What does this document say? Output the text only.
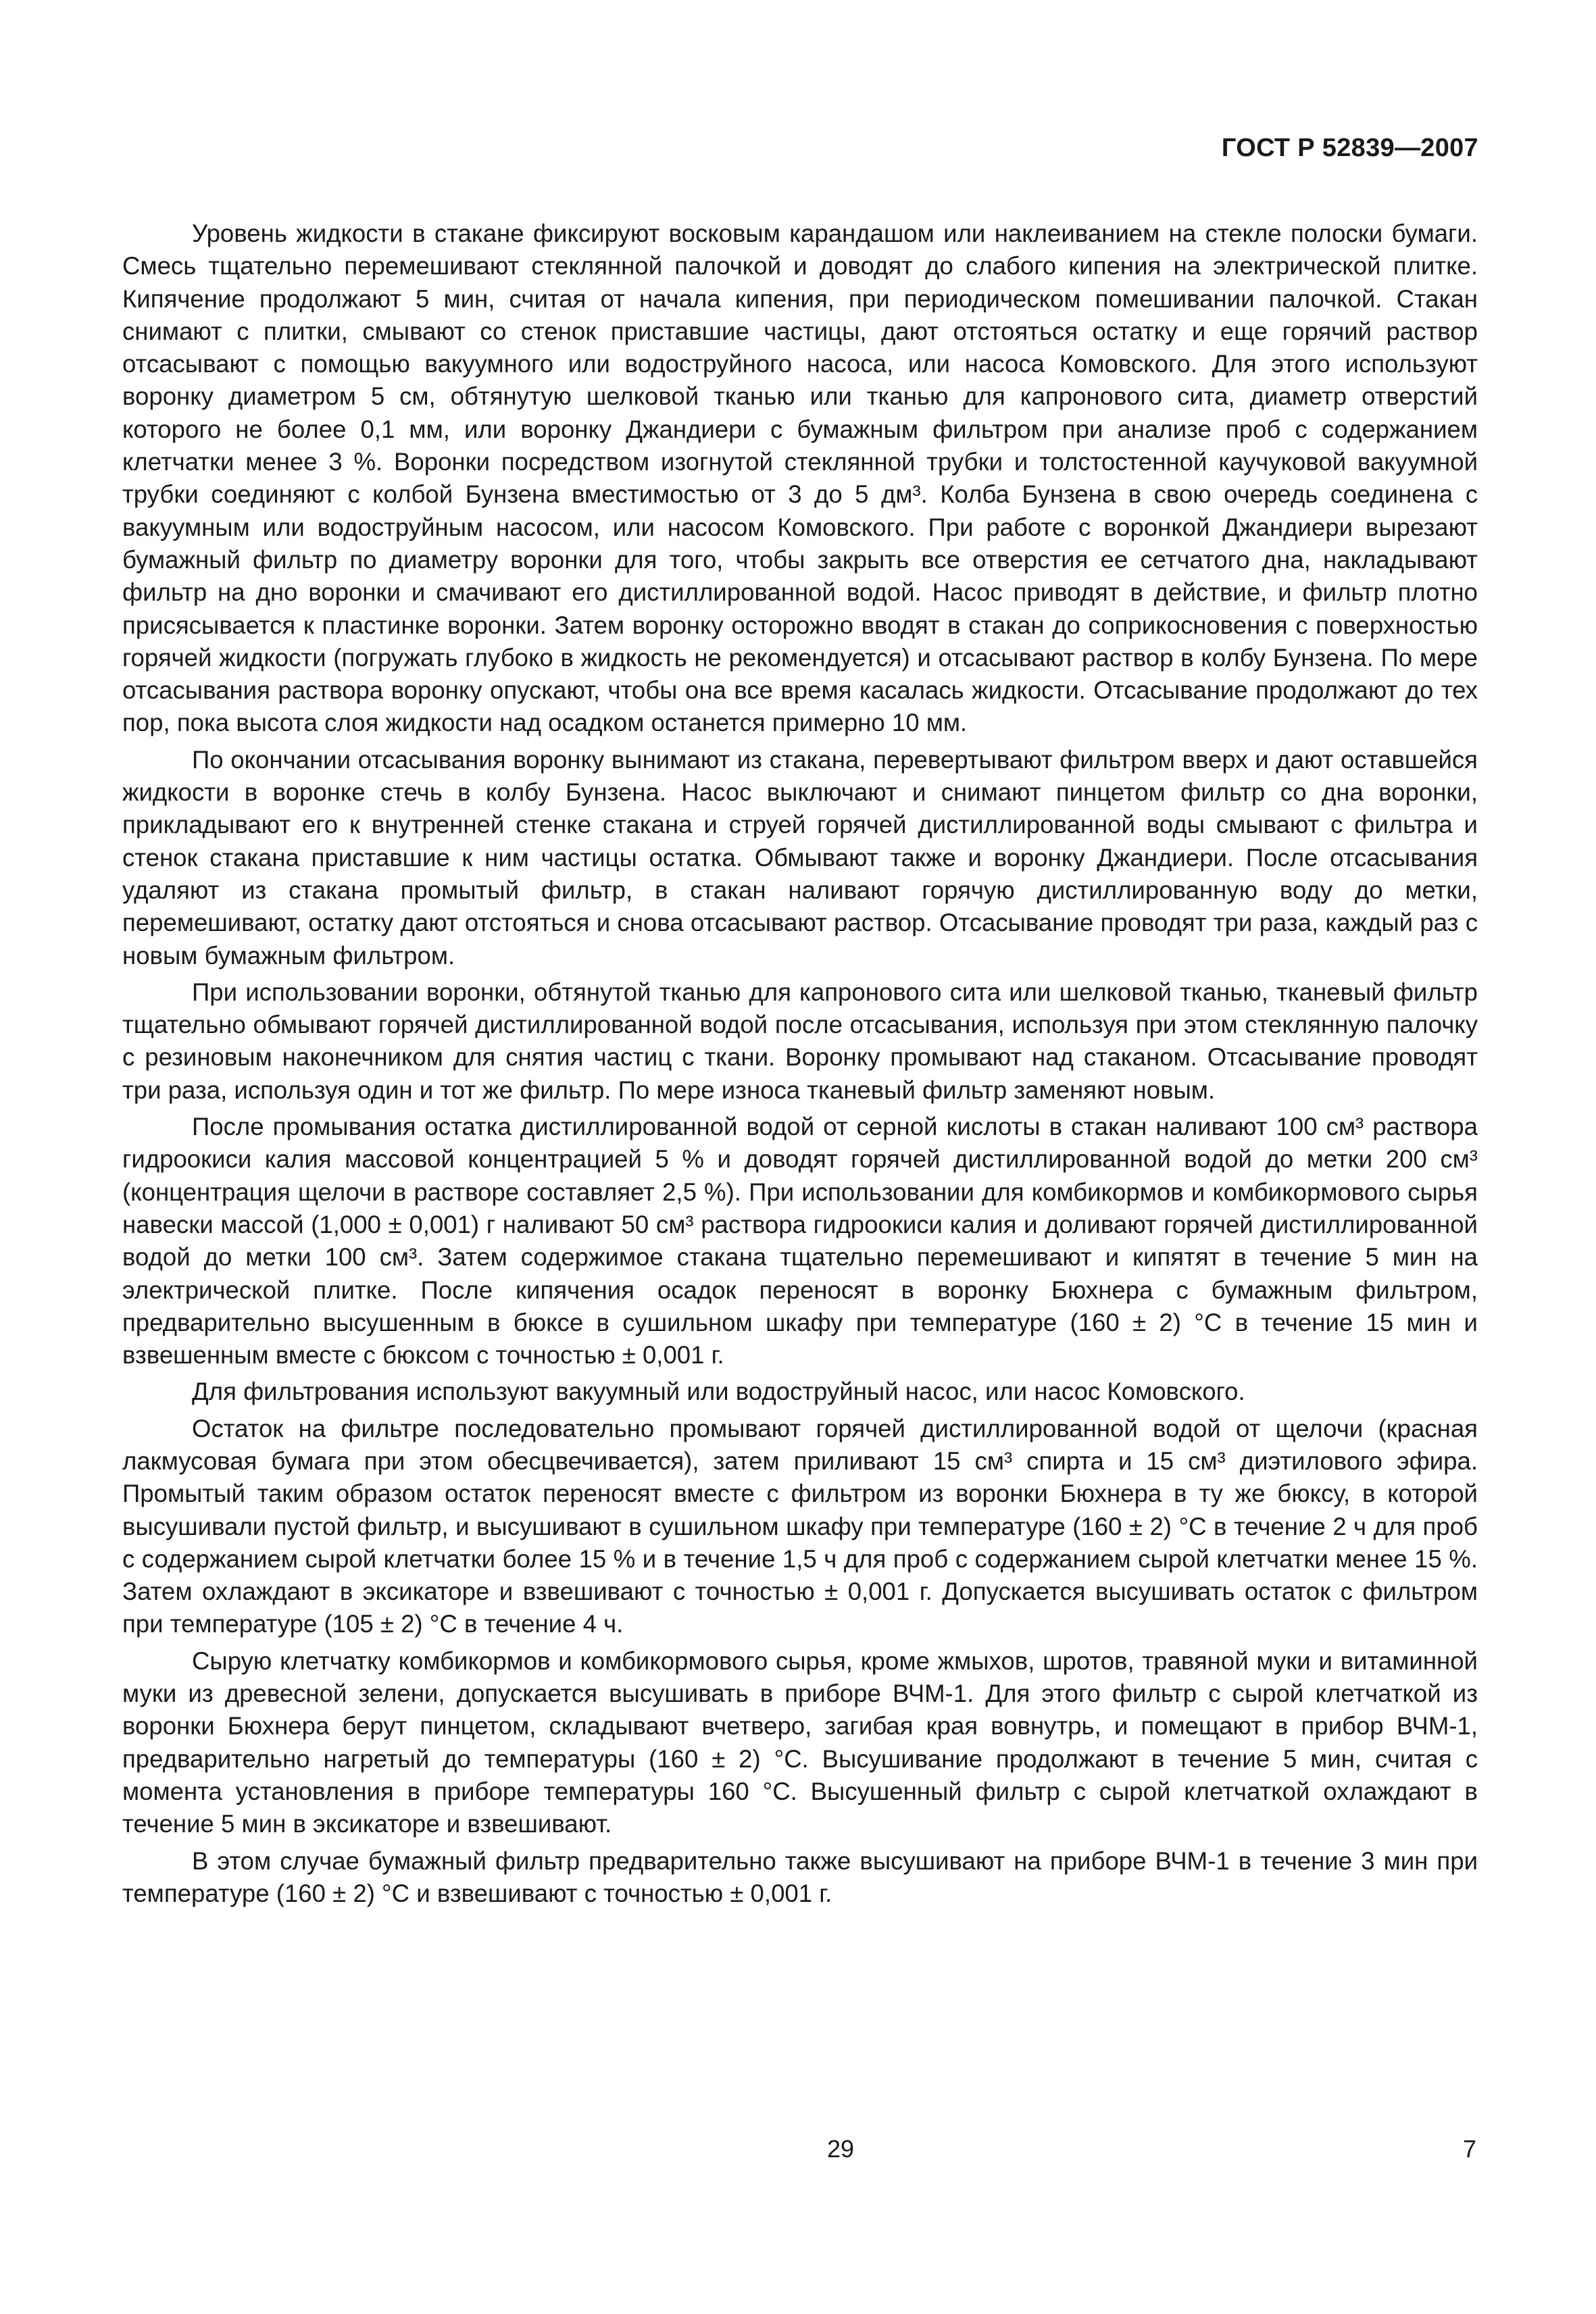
ГОСТ Р 52839—2007

Уровень жидкости в стакане фиксируют восковым карандашом или наклеиванием на стекле полоски бумаги. Смесь тщательно перемешивают стеклянной палочкой и доводят до слабого кипения на электрической плитке. Кипячение продолжают 5 мин, считая от начала кипения, при периодическом помешивании палочкой. Стакан снимают с плитки, смывают со стенок приставшие частицы, дают отстояться остатку и еще горячий раствор отсасывают с помощью вакуумного или водоструйного насоса, или насоса Комовского. Для этого используют воронку диаметром 5 см, обтянутую шелковой тканью или тканью для капронового сита, диаметр отверстий которого не более 0,1 мм, или воронку Джандиери с бумажным фильтром при анализе проб с содержанием клетчатки менее 3 %. Воронки посредством изогнутой стеклянной трубки и толстостенной каучуковой вакуумной трубки соединяют с колбой Бунзена вместимостью от 3 до 5 дм³. Колба Бунзена в свою очередь соединена с вакуумным или водоструйным насосом, или насосом Комовского. При работе с воронкой Джандиери вырезают бумажный фильтр по диаметру воронки для того, чтобы закрыть все отверстия ее сетчатого дна, накладывают фильтр на дно воронки и смачивают его дистиллированной водой. Насос приводят в действие, и фильтр плотно присясывается к пластинке воронки. Затем воронку осторожно вводят в стакан до соприкосновения с поверхностью горячей жидкости (погружать глубоко в жидкость не рекомендуется) и отсасывают раствор в колбу Бунзена. По мере отсасывания раствора воронку опускают, чтобы она все время касалась жидкости. Отсасывание продолжают до тех пор, пока высота слоя жидкости над осадком останется примерно 10 мм.

По окончании отсасывания воронку вынимают из стакана, перевертывают фильтром вверх и дают оставшейся жидкости в воронке стечь в колбу Бунзена. Насос выключают и снимают пинцетом фильтр со дна воронки, прикладывают его к внутренней стенке стакана и струей горячей дистиллированной воды смывают с фильтра и стенок стакана приставшие к ним частицы остатка. Обмывают также и воронку Джандиери. После отсасывания удаляют из стакана промытый фильтр, в стакан наливают горячую дистиллированную воду до метки, перемешивают, остатку дают отстояться и снова отсасывают раствор. Отсасывание проводят три раза, каждый раз с новым бумажным фильтром.

При использовании воронки, обтянутой тканью для капронового сита или шелковой тканью, тканевый фильтр тщательно обмывают горячей дистиллированной водой после отсасывания, используя при этом стеклянную палочку с резиновым наконечником для снятия частиц с ткани. Воронку промывают над стаканом. Отсасывание проводят три раза, используя один и тот же фильтр. По мере износа тканевый фильтр заменяют новым.

После промывания остатка дистиллированной водой от серной кислоты в стакан наливают 100 см³ раствора гидроокиси калия массовой концентрацией 5 % и доводят горячей дистиллированной водой до метки 200 см³ (концентрация щелочи в растворе составляет 2,5 %). При использовании для комбикормов и комбикормового сырья навески массой (1,000 ± 0,001) г наливают 50 см³ раствора гидроокиси калия и доливают горячей дистиллированной водой до метки 100 см³. Затем содержимое стакана тщательно перемешивают и кипятят в течение 5 мин на электрической плитке. После кипячения осадок переносят в воронку Бюхнера с бумажным фильтром, предварительно высушенным в бюксе в сушильном шкафу при температуре (160 ± 2) °С в течение 15 мин и взвешенным вместе с бюксом с точностью ± 0,001 г.

Для фильтрования используют вакуумный или водоструйный насос, или насос Комовского.

Остаток на фильтре последовательно промывают горячей дистиллированной водой от щелочи (красная лакмусовая бумага при этом обесцвечивается), затем приливают 15 см³ спирта и 15 см³ диэтилового эфира. Промытый таким образом остаток переносят вместе с фильтром из воронки Бюхнера в ту же бюксу, в которой высушивали пустой фильтр, и высушивают в сушильном шкафу при температуре (160 ± 2) °С в течение 2 ч для проб с содержанием сырой клетчатки более 15 % и в течение 1,5 ч для проб с содержанием сырой клетчатки менее 15 %. Затем охлаждают в эксикаторе и взвешивают с точностью ± 0,001 г. Допускается высушивать остаток с фильтром при температуре (105 ± 2) °С в течение 4 ч.

Сырую клетчатку комбикормов и комбикормового сырья, кроме жмыхов, шротов, травяной муки и витаминной муки из древесной зелени, допускается высушивать в приборе ВЧМ-1. Для этого фильтр с сырой клетчаткой из воронки Бюхнера берут пинцетом, складывают вчетверо, загибая края вовнутрь, и помещают в прибор ВЧМ-1, предварительно нагретый до температуры (160 ± 2) °С. Высушивание продолжают в течение 5 мин, считая с момента установления в приборе температуры 160 °С. Высушенный фильтр с сырой клетчаткой охлаждают в течение 5 мин в эксикаторе и взвешивают.

В этом случае бумажный фильтр предварительно также высушивают на приборе ВЧМ-1 в течение 3 мин при температуре (160 ± 2) °С и взвешивают с точностью ± 0,001 г.

29	7
